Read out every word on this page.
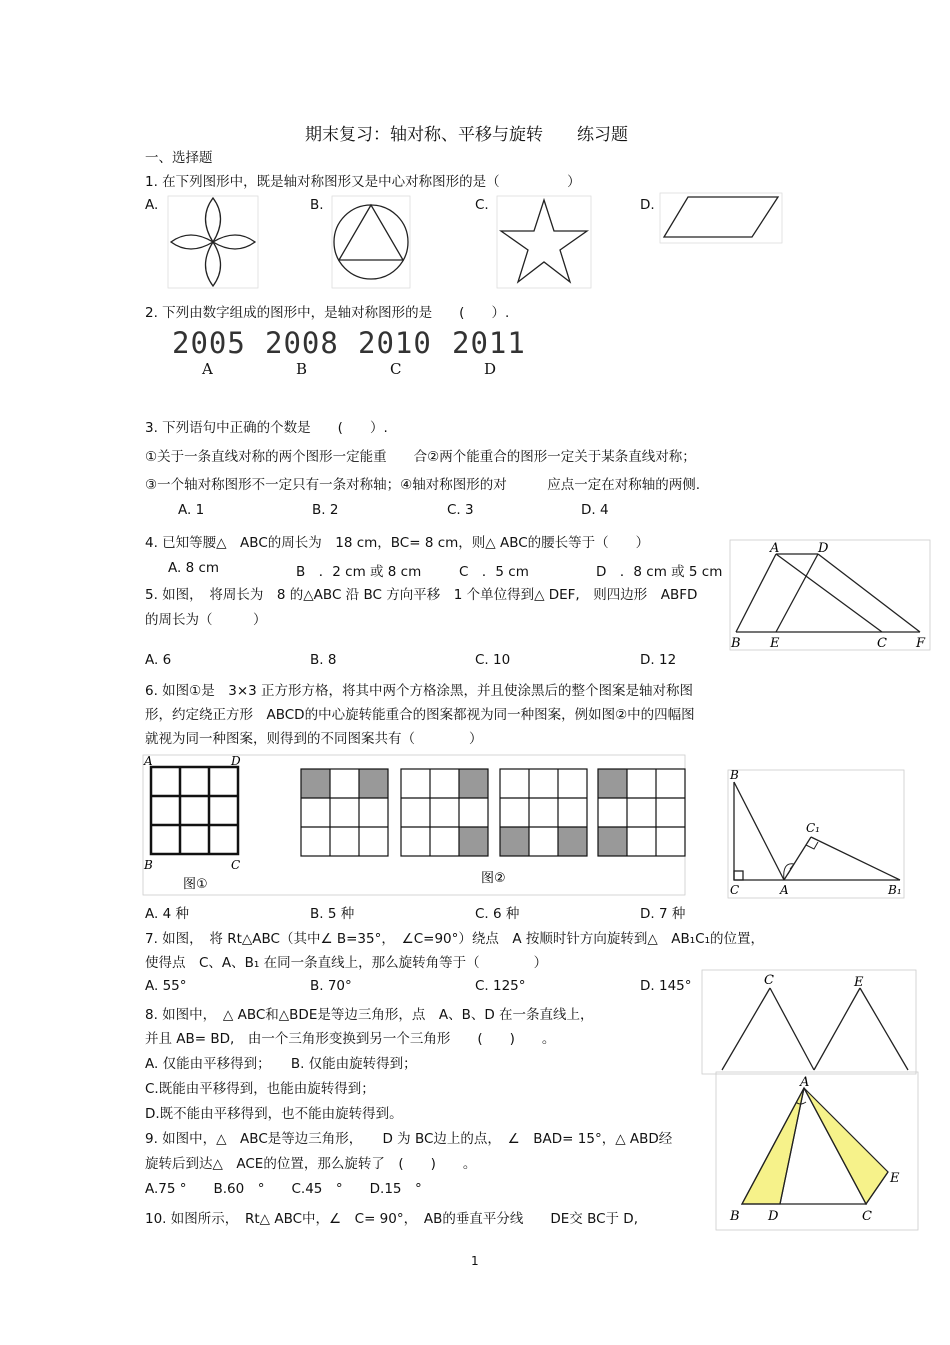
期末复习：轴对称、平移与旋转　　练习题
一、选择题
1. 在下列图形中，既是轴对称图形又是中心对称图形的是（　　　　　）
A.	B.	C.	D.
2. 下列由数字组成的图形中，是轴对称图形的是　　(　　）.
2005 2008 2010 2011
A	B	C	D
3. 下列语句中正确的个数是　　(　　）.
①关于一条直线对称的两个图形一定能重　　合②两个能重合的图形一定关于某条直线对称；
③一个轴对称图形不一定只有一条对称轴；④轴对称图形的对　　　应点一定在对称轴的两侧.
A. 1	B. 2	C. 3	D. 4
4. 已知等腰△　ABC的周长为　18 cm，BC= 8 cm，则△ ABC的腰长等于（　　）
A. 8 cm	B　．2 cm 或 8 cm	C　．5 cm	D　．8 cm 或 5 cm
A	D
B E	C F
5. 如图，　将周长为　8 的△ABC 沿 BC 方向平移　1 个单位得到△ DEF,　则四边形　ABFD
的周长为（　　　）
A. 6	B. 8	C. 10	D. 12
6. 如图①是　3×3 正方形方格，将其中两个方格涂黑，并且使涂黑后的整个图案是轴对称图
形，约定绕正方形　ABCD的中心旋转能重合的图案都视为同一种图案，例如图②中的四幅图
就视为同一种图案，则得到的不同图案共有（　　　　）
A	D
B	C
图①	图②
B
C₁
C	A	B₁
A. 4 种	B. 5 种	C. 6 种	D. 7 种
7. 如图，　将 Rt△ABC（其中∠ B=35°，　∠C=90°）绕点　A 按顺时针方向旋转到△　AB₁C₁的位置，
使得点　C、A、B₁ 在同一条直线上，那么旋转角等于（　　　　）
A. 55°	B. 70°	C. 125°	D. 145°	C	E
8. 如图中，　△ ABC和△BDE是等边三角形，点　A、B、D 在一条直线上，
并且 AB= BD,　由一个三角形变换到另一个三角形　　(　　)　　。
A. 仅能由平移得到；　　B. 仅能由旋转得到；
C.既能由平移得到，也能由旋转得到；
D.既不能由平移得到，也不能由旋转得到。
A
E
B D	C
9. 如图中，△　ABC是等边三角形，　　D 为 BC边上的点，　∠　BAD= 15°，△ ABD经
旋转后到达△　ACE的位置，那么旋转了　(　　)　　。
A.75 °　　B.60　°　　C.45　°　　D.15　°
10. 如图所示，　Rt△ ABC中，∠　C= 90°，　AB的垂直平分线　　DE交 BC于 D,
1
